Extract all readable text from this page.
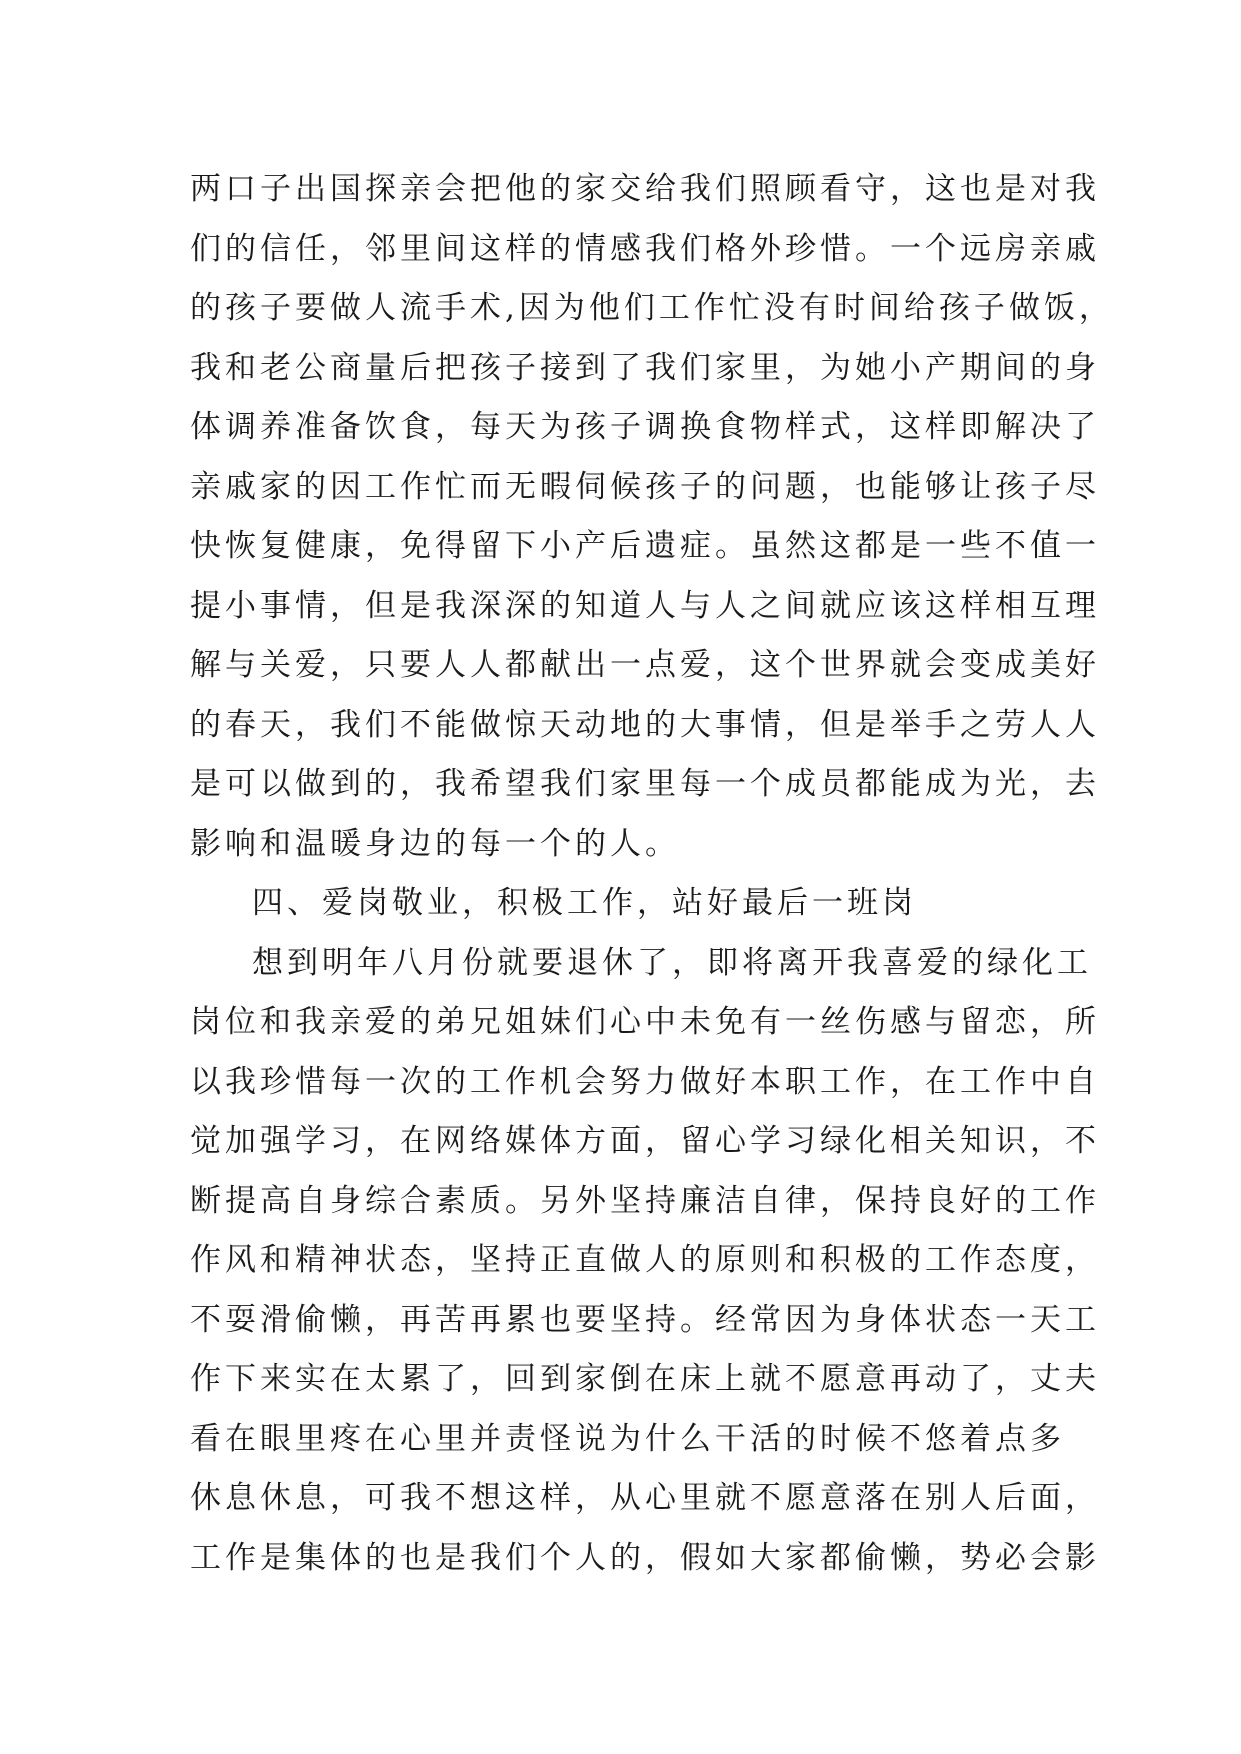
两口子出国探亲会把他的家交给我们照顾看守，这也是对我
们的信任，邻里间这样的情感我们格外珍惜。一个远房亲戚
的孩子要做人流手术,因为他们工作忙没有时间给孩子做饭，
我和老公商量后把孩子接到了我们家里，为她小产期间的身
体调养准备饮食，每天为孩子调换食物样式，这样即解决了
亲戚家的因工作忙而无暇伺候孩子的问题，也能够让孩子尽
快恢复健康，免得留下小产后遗症。虽然这都是一些不值一
提小事情，但是我深深的知道人与人之间就应该这样相互理
解与关爱，只要人人都献出一点爱，这个世界就会变成美好
的春天，我们不能做惊天动地的大事情，但是举手之劳人人
是可以做到的，我希望我们家里每一个成员都能成为光，去
影响和温暖身边的每一个的人。
四、爱岗敬业，积极工作，站好最后一班岗
想到明年八月份就要退休了，即将离开我喜爱的绿化工
岗位和我亲爱的弟兄姐妹们心中未免有一丝伤感与留恋，所
以我珍惜每一次的工作机会努力做好本职工作，在工作中自
觉加强学习，在网络媒体方面，留心学习绿化相关知识，不
断提高自身综合素质。另外坚持廉洁自律，保持良好的工作
作风和精神状态，坚持正直做人的原则和积极的工作态度，
不耍滑偷懒，再苦再累也要坚持。经常因为身体状态一天工
作下来实在太累了，回到家倒在床上就不愿意再动了，丈夫
看在眼里疼在心里并责怪说为什么干活的时候不悠着点多
休息休息，可我不想这样，从心里就不愿意落在别人后面，
工作是集体的也是我们个人的，假如大家都偷懒，势必会影
